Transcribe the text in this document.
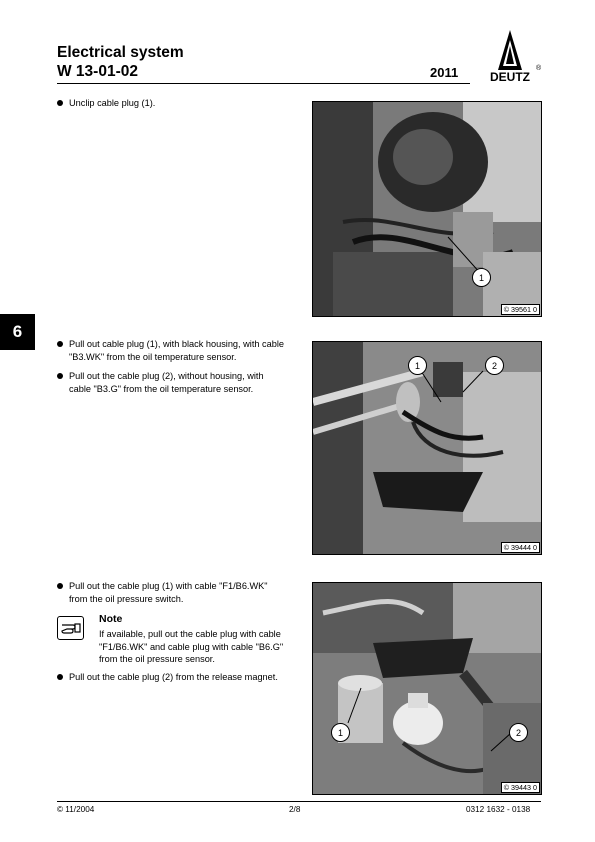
Electrical system
W 13-01-02	2011	DEUTZ
®
6
Unclip cable plug (1).
1
© 39561 0
Pull out cable plug (1), with black housing, with cable
"B3.WK" from the oil temperature sensor.
Pull out the cable plug (2), without housing, with
cable "B3.G" from the oil temperature sensor.
1	2
© 39444 0
Pull out the cable plug (1) with cable "F1/B6.WK"
from the oil pressure switch.
Note
If available, pull out the cable plug with cable
"F1/B6.WK" and cable plug with cable "B6.G"
from the oil pressure sensor.
Pull out the cable plug (2) from the release magnet.
1	2
© 39443 0
© 11/2004	2/8	0312 1632 - 0138
